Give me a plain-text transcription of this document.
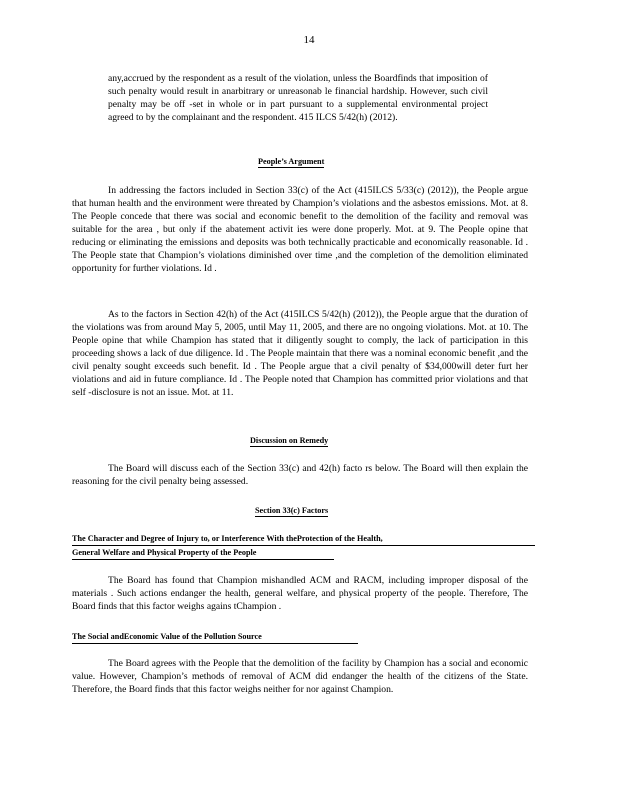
14

any,accrued by the respondent as a result of the violation, unless the Boardfinds that imposition of such penalty would result in anarbitrary or unreasonab le financial hardship. However, such civil penalty may be off -set in whole or in part pursuant to a supplemental environmental project agreed to by the complainant and the respondent. 415 ILCS 5/42(h) (2012).

People’s Argument

In addressing the factors included in Section 33(c) of the Act (415ILCS 5/33(c) (2012)), the People argue that human health and the environment were threated by Champion’s violations and the asbestos emissions. Mot. at 8. The People concede that there was social and economic benefit to the demolition of the facility and removal was suitable for the area , but only if the abatement activit ies were done properly. Mot. at 9. The People opine that reducing or eliminating the emissions and deposits was both technically practicable and economically reasonable. Id . The People state that Champion’s violations diminished over time ,and the completion of the demolition eliminated opportunity for further violations. Id .

As to the factors in Section 42(h) of the Act (415ILCS 5/42(h) (2012)), the People argue that the duration of the violations was from around May 5, 2005, until May 11, 2005, and there are no ongoing violations. Mot. at 10. The People opine that while Champion has stated that it diligently sought to comply, the lack of participation in this proceeding shows a lack of due diligence. Id . The People maintain that there was a nominal economic benefit ,and the civil penalty sought exceeds such benefit. Id . The People argue that a civil penalty of $34,000will deter furt her violations and aid in future compliance. Id . The People noted that Champion has committed prior violations and that self -disclosure is not an issue. Mot. at 11.

Discussion on Remedy

The Board will discuss each of the Section 33(c) and 42(h) facto rs below. The Board will then explain the reasoning for the civil penalty being assessed.

Section 33(c) Factors
The Character and Degree of Injury to, or Interference With theProtection of the Health,
General Welfare and Physical Property of the People

The Board has found that Champion mishandled ACM and RACM, including improper disposal of the materials . Such actions endanger the health, general welfare, and physical property of the people. Therefore, The Board finds that this factor weighs agains tChampion .

The Social andEconomic Value of the Pollution Source

The Board agrees with the People that the demolition of the facility by Champion has a social and economic value. However, Champion’s methods of removal of ACM did endanger the health of the citizens of the State. Therefore, the Board finds that this factor weighs neither for nor against Champion.
